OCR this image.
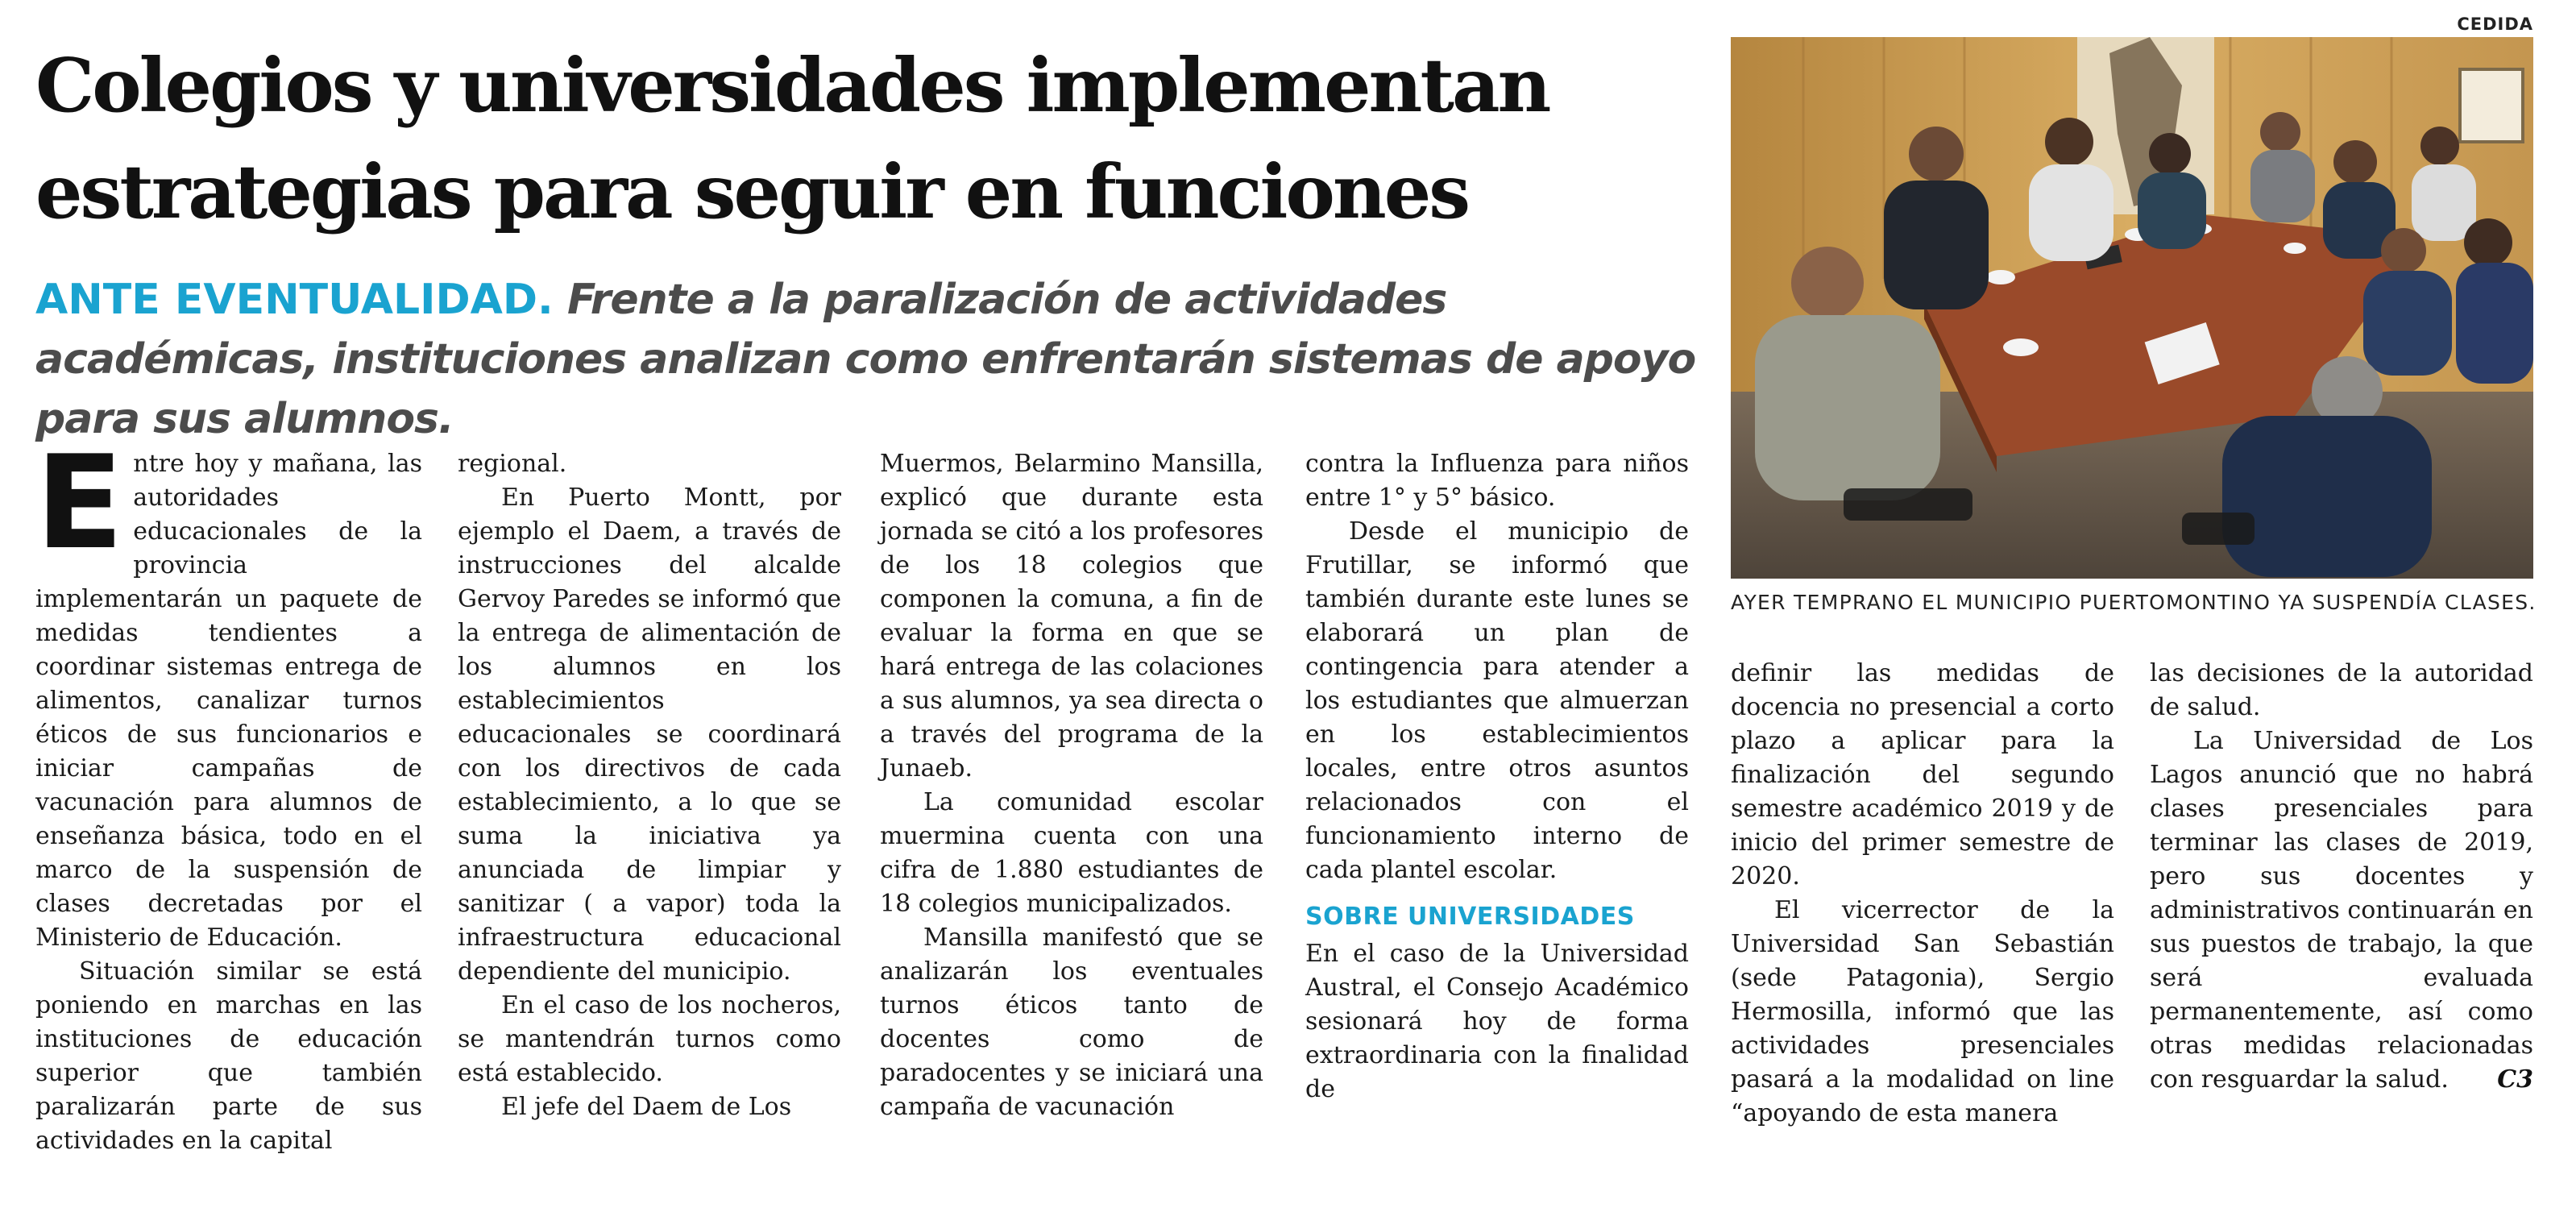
Colegios y universidades implementan estrategias para seguir en funciones
ANTE EVENTUALIDAD. Frente a la paralización de actividades académicas, instituciones analizan como enfrentarán sistemas de apoyo para sus alumnos.
CEDIDA
AYER TEMPRANO EL MUNICIPIO PUERTOMONTINO YA SUSPENDÍA CLASES.

Entre hoy y mañana, las autoridades educacionales de la provincia implementarán un paquete de medidas tendientes a coordinar sistemas entrega de alimentos, canalizar turnos éticos de sus funcionarios e iniciar campañas de vacunación para alumnos de enseñanza básica, todo en el marco de la suspensión de clases decretadas por el Ministerio de Educación.

Situación similar se está poniendo en marchas en las instituciones de educación superior que también paralizarán parte de sus actividades en la capital

regional.

En Puerto Montt, por ejemplo el Daem, a través de instrucciones del alcalde Gervoy Paredes se informó que la entrega de alimentación de los alumnos en los establecimientos educacionales se coordinará con los directivos de cada establecimiento, a lo que se suma la iniciativa ya anunciada de limpiar y sanitizar ( a vapor) toda la infraestructura educacional dependiente del municipio.

En el caso de los nocheros, se mantendrán turnos como está establecido.

El jefe del Daem de Los

Muermos, Belarmino Mansilla, explicó que durante esta jornada se citó a los profesores de los 18 colegios que componen la comuna, a fin de evaluar la forma en que se hará entrega de las colaciones a sus alumnos, ya sea directa o a través del programa de la Junaeb.

La comunidad escolar muermina cuenta con una cifra de 1.880 estudiantes de 18 colegios municipalizados.

Mansilla manifestó que se analizarán los eventuales turnos éticos tanto de docentes como de paradocentes y se iniciará una campaña de vacunación

contra la Influenza para niños entre 1° y 5° básico.

Desde el municipio de Frutillar, se informó que también durante este lunes se elaborará un plan de contingencia para atender a los estudiantes que almuerzan en los establecimientos locales, entre otros asuntos relacionados con el funcionamiento interno de cada plantel escolar.

SOBRE UNIVERSIDADES

En el caso de la Universidad Austral, el Consejo Académico sesionará hoy de forma extraordinaria con la finalidad de

definir las medidas de docencia no presencial a corto plazo a aplicar para la finalización del segundo semestre académico 2019 y de inicio del primer semestre de 2020.

El vicerrector de la Universidad San Sebastián (sede Patagonia), Sergio Hermosilla, informó que las actividades presenciales pasará a la modalidad on line “apoyando de esta manera

las decisiones de la autoridad de salud.

La Universidad de Los Lagos anunció que no habrá clases presenciales para terminar las clases de 2019, pero sus docentes y administrativos continuarán en sus puestos de trabajo, la que será evaluada permanentemente, así como otras medidas relacionadas con resguardar la salud.	C3
